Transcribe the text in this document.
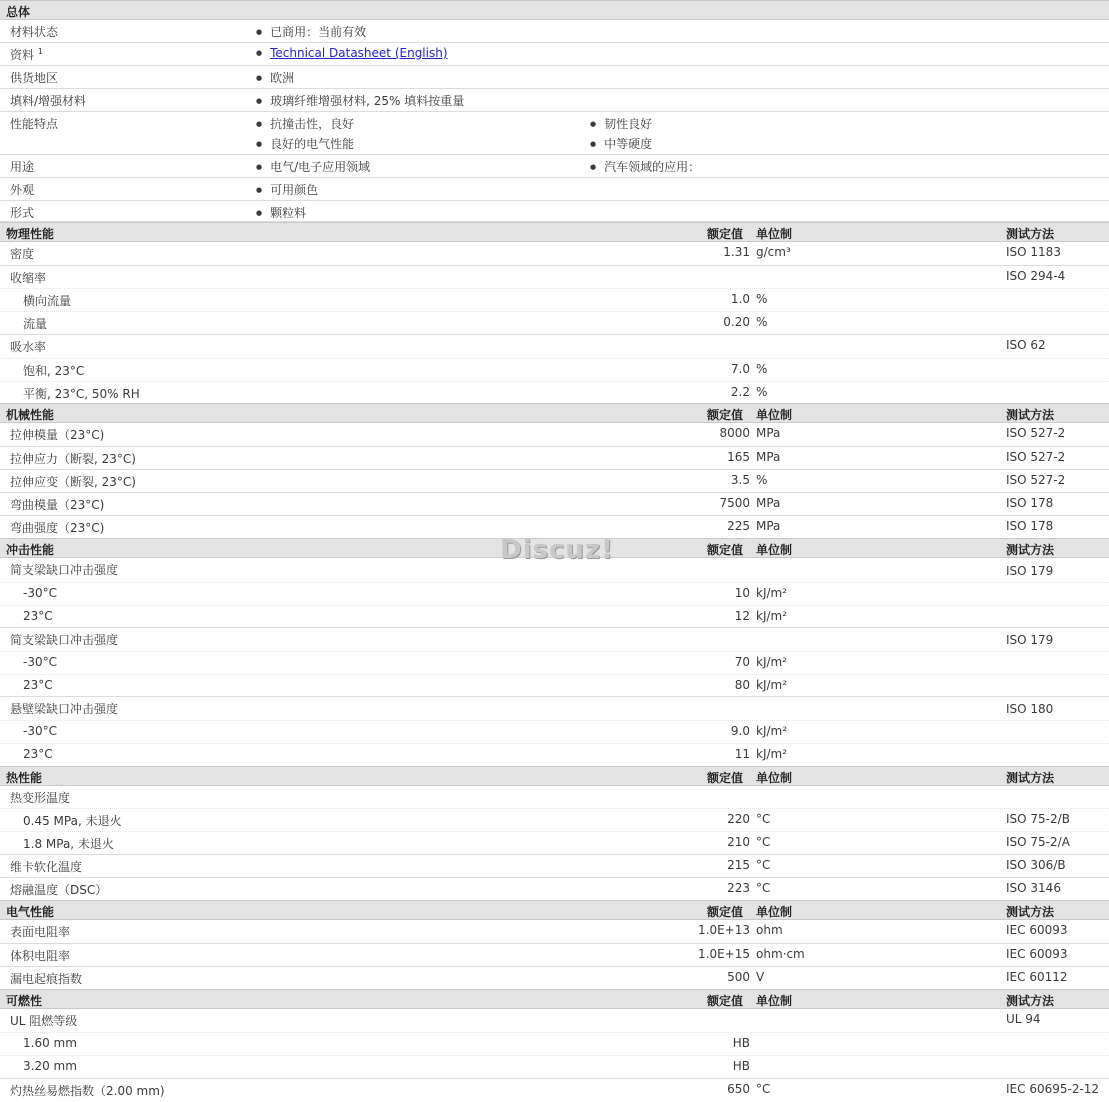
总体
材料状态	● 已商用：当前有效
资料 $^1$	● Technical Datasheet (English)
供货地区	● 欧洲
填料/增强材料	● 玻璃纤维增强材料, 25% 填料按重量
性能特点	● 抗撞击性，良好	● 韧性良好
● 良好的电气性能	● 中等硬度
用途	● 电气/电子应用领域	● 汽车领域的应用：
外观	● 可用颜色
形式	● 颗粒料
物理性能	额定值 单位制	测试方法
密度	1.31 g/cm³	ISO 1183
收缩率	ISO 294-4
横向流量	1.0 %
流量	0.20 %
吸水率	ISO 62
饱和, 23°C	7.0 %
平衡, 23°C, 50% RH	2.2 %
机械性能	额定值 单位制	测试方法
拉伸模量（23°C)	8000 MPa	ISO 527-2
拉伸应力（断裂, 23°C)	165 MPa	ISO 527-2
拉伸应变（断裂, 23°C)	3.5 %	ISO 527-2
弯曲模量（23°C)	7500 MPa	ISO 178
弯曲强度（23°C)	225 MPa	ISO 178
冲击性能	额定值 单位制	测试方法
简支梁缺口冲击强度	ISO 179
-30°C	10 kJ/m²
23°C	12 kJ/m²
简支梁缺口冲击强度	ISO 179
-30°C	70 kJ/m²
23°C	80 kJ/m²
悬壁梁缺口冲击强度	ISO 180
-30°C	9.0 kJ/m²
23°C	11 kJ/m²
热性能	额定值 单位制	测试方法
热变形温度
0.45 MPa, 未退火	220 °C	ISO 75-2/B
1.8 MPa, 未退火	210 °C	ISO 75-2/A
维卡软化温度	215 °C	ISO 306/B
熔融温度（DSC）	223 °C	ISO 3146
电气性能	额定值 单位制	测试方法
表面电阻率	1.0E+13 ohm	IEC 60093
体积电阻率	1.0E+15 ohm·cm	IEC 60093
漏电起痕指数	500 V	IEC 60112
可燃性	额定值 单位制	测试方法
UL 阻燃等级	UL 94
1.60 mm	HB
3.20 mm	HB
灼热丝易燃指数（2.00 mm)	650 °C	IEC 60695-2-12
Discuz!
